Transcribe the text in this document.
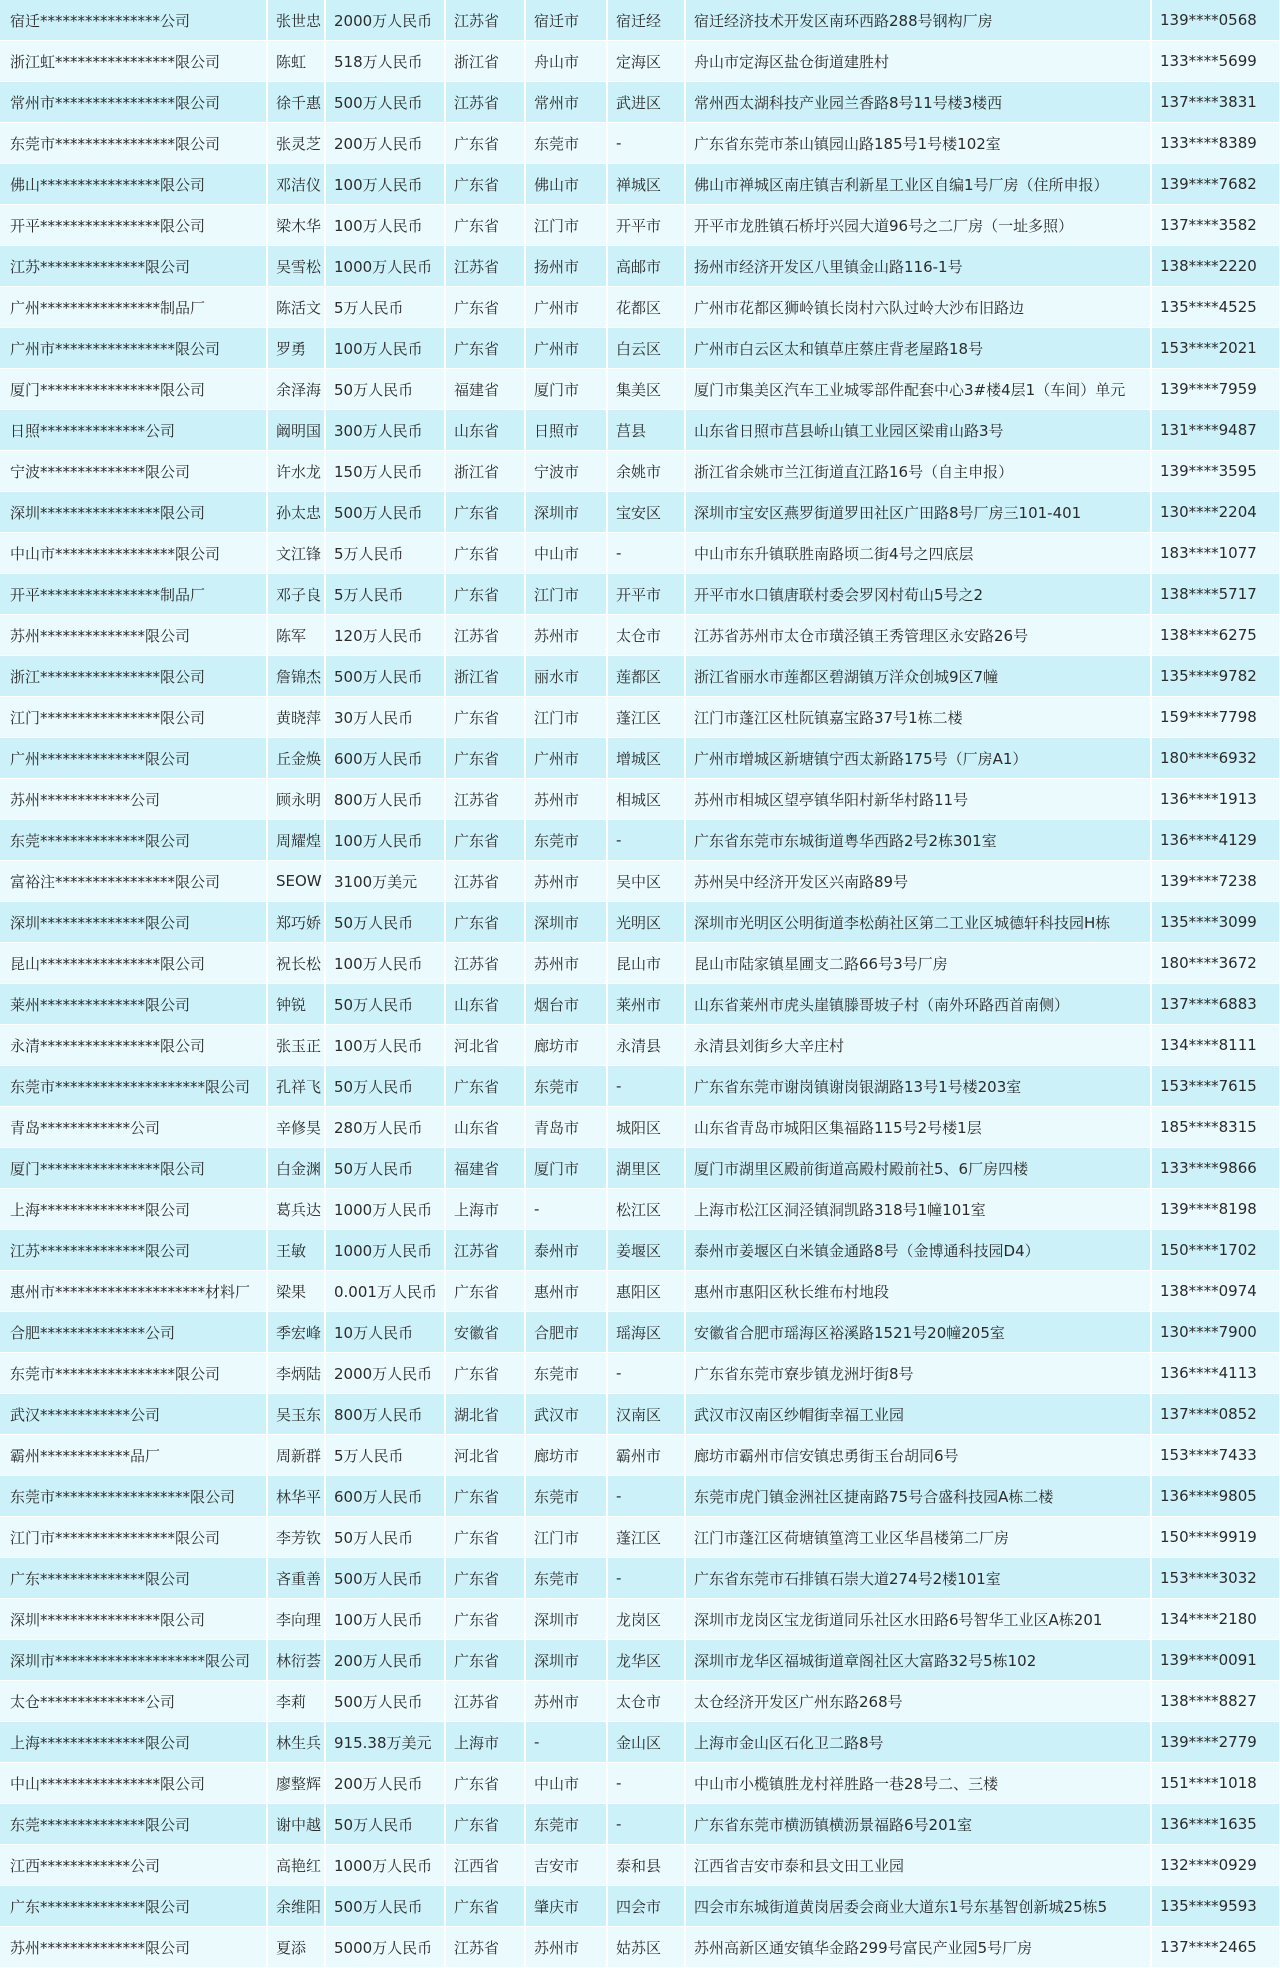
宿迁****************公司	张世忠	2000万人民币	江苏省	宿迁市	宿迁经	宿迁经济技术开发区南环西路288号钢构厂房	139****0568
浙江虹****************限公司	陈虹	518万人民币	浙江省	舟山市	定海区	舟山市定海区盐仓街道建胜村	133****5699
常州市****************限公司	徐千惠	500万人民币	江苏省	常州市	武进区	常州西太湖科技产业园兰香路8号11号楼3楼西	137****3831
东莞市****************限公司	张灵芝	200万人民币	广东省	东莞市	-	广东省东莞市茶山镇园山路185号1号楼102室	133****8389
佛山****************限公司	邓洁仪	100万人民币	广东省	佛山市	禅城区	佛山市禅城区南庄镇吉利新星工业区自编1号厂房（住所申报）	139****7682
开平****************限公司	梁木华	100万人民币	广东省	江门市	开平市	开平市龙胜镇石桥圩兴园大道96号之二厂房（一址多照）	137****3582
江苏**************限公司	吴雪松	1000万人民币	江苏省	扬州市	高邮市	扬州市经济开发区八里镇金山路116-1号	138****2220
广州****************制品厂	陈活文	5万人民币	广东省	广州市	花都区	广州市花都区狮岭镇长岗村六队过岭大沙布旧路边	135****4525
广州市****************限公司	罗勇	100万人民币	广东省	广州市	白云区	广州市白云区太和镇草庄蔡庄背老屋路18号	153****2021
厦门****************限公司	余泽海	50万人民币	福建省	厦门市	集美区	厦门市集美区汽车工业城零部件配套中心3#楼4层1（车间）单元	139****7959
日照**************公司	阚明国	300万人民币	山东省	日照市	莒县	山东省日照市莒县峤山镇工业园区梁甫山路3号	131****9487
宁波**************限公司	许水龙	150万人民币	浙江省	宁波市	余姚市	浙江省余姚市兰江街道直江路16号（自主申报）	139****3595
深圳****************限公司	孙太忠	500万人民币	广东省	深圳市	宝安区	深圳市宝安区燕罗街道罗田社区广田路8号厂房三101-401	130****2204
中山市****************限公司	文江锋	5万人民币	广东省	中山市	-	中山市东升镇联胜南路顷二街4号之四底层	183****1077
开平****************制品厂	邓子良	5万人民币	广东省	江门市	开平市	开平市水口镇唐联村委会罗冈村荀山5号之2	138****5717
苏州**************限公司	陈军	120万人民币	江苏省	苏州市	太仓市	江苏省苏州市太仓市璜泾镇王秀管理区永安路26号	138****6275
浙江****************限公司	詹锦杰	500万人民币	浙江省	丽水市	莲都区	浙江省丽水市莲都区碧湖镇万洋众创城9区7幢	135****9782
江门****************限公司	黄晓萍	30万人民币	广东省	江门市	蓬江区	江门市蓬江区杜阮镇嘉宝路37号1栋二楼	159****7798
广州**************限公司	丘金焕	600万人民币	广东省	广州市	增城区	广州市增城区新塘镇宁西太新路175号（厂房A1）	180****6932
苏州************公司	顾永明	800万人民币	江苏省	苏州市	相城区	苏州市相城区望亭镇华阳村新华村路11号	136****1913
东莞**************限公司	周耀煌	100万人民币	广东省	东莞市	-	广东省东莞市东城街道粤华西路2号2栋301室	136****4129
富裕注****************限公司	SEOW	3100万美元	江苏省	苏州市	吴中区	苏州吴中经济开发区兴南路89号	139****7238
深圳**************限公司	郑巧娇	50万人民币	广东省	深圳市	光明区	深圳市光明区公明街道李松蓢社区第二工业区城德轩科技园H栋	135****3099
昆山****************限公司	祝长松	100万人民币	江苏省	苏州市	昆山市	昆山市陆家镇星圃支二路66号3号厂房	180****3672
莱州**************限公司	钟锐	50万人民币	山东省	烟台市	莱州市	山东省莱州市虎头崖镇滕哥坡子村（南外环路西首南侧）	137****6883
永清****************限公司	张玉正	100万人民币	河北省	廊坊市	永清县	永清县刘街乡大辛庄村	134****8111
东莞市********************限公司	孔祥飞	50万人民币	广东省	东莞市	-	广东省东莞市谢岗镇谢岗银湖路13号1号楼203室	153****7615
青岛************公司	辛修昊	280万人民币	山东省	青岛市	城阳区	山东省青岛市城阳区集福路115号2号楼1层	185****8315
厦门****************限公司	白金渊	50万人民币	福建省	厦门市	湖里区	厦门市湖里区殿前街道高殿村殿前社5、6厂房四楼	133****9866
上海**************限公司	葛兵达	1000万人民币	上海市	-	松江区	上海市松江区洞泾镇洞凯路318号1幢101室	139****8198
江苏**************限公司	王敏	1000万人民币	江苏省	泰州市	姜堰区	泰州市姜堰区白米镇金通路8号（金博通科技园D4）	150****1702
惠州市********************材料厂	梁果	0.001万人民币	广东省	惠州市	惠阳区	惠州市惠阳区秋长维布村地段	138****0974
合肥**************公司	季宏峰	10万人民币	安徽省	合肥市	瑶海区	安徽省合肥市瑶海区裕溪路1521号20幢205室	130****7900
东莞市****************限公司	李炳陆	2000万人民币	广东省	东莞市	-	广东省东莞市寮步镇龙洲圩街8号	136****4113
武汉************公司	吴玉东	800万人民币	湖北省	武汉市	汉南区	武汉市汉南区纱帽街幸福工业园	137****0852
霸州************品厂	周新群	5万人民币	河北省	廊坊市	霸州市	廊坊市霸州市信安镇忠勇街玉台胡同6号	153****7433
东莞市******************限公司	林华平	600万人民币	广东省	东莞市	-	东莞市虎门镇金洲社区捷南路75号合盛科技园A栋二楼	136****9805
江门市****************限公司	李芳钦	50万人民币	广东省	江门市	蓬江区	江门市蓬江区荷塘镇篁湾工业区华昌楼第二厂房	150****9919
广东**************限公司	吝重善	500万人民币	广东省	东莞市	-	广东省东莞市石排镇石崇大道274号2楼101室	153****3032
深圳****************限公司	李向理	100万人民币	广东省	深圳市	龙岗区	深圳市龙岗区宝龙街道同乐社区水田路6号智华工业区A栋201	134****2180
深圳市********************限公司	林衍荟	200万人民币	广东省	深圳市	龙华区	深圳市龙华区福城街道章阁社区大富路32号5栋102	139****0091
太仓**************公司	李莉	500万人民币	江苏省	苏州市	太仓市	太仓经济开发区广州东路268号	138****8827
上海**************限公司	林生兵	915.38万美元	上海市	-	金山区	上海市金山区石化卫二路8号	139****2779
中山****************限公司	廖整辉	200万人民币	广东省	中山市	-	中山市小榄镇胜龙村祥胜路一巷28号二、三楼	151****1018
东莞**************限公司	谢中越	50万人民币	广东省	东莞市	-	广东省东莞市横沥镇横沥景福路6号201室	136****1635
江西************公司	高艳红	1000万人民币	江西省	吉安市	泰和县	江西省吉安市泰和县文田工业园	132****0929
广东**************限公司	余维阳	500万人民币	广东省	肇庆市	四会市	四会市东城街道黄岗居委会商业大道东1号东基智创新城25栋5	135****9593
苏州**************限公司	夏添	5000万人民币	江苏省	苏州市	姑苏区	苏州高新区通安镇华金路299号富民产业园5号厂房	137****2465
